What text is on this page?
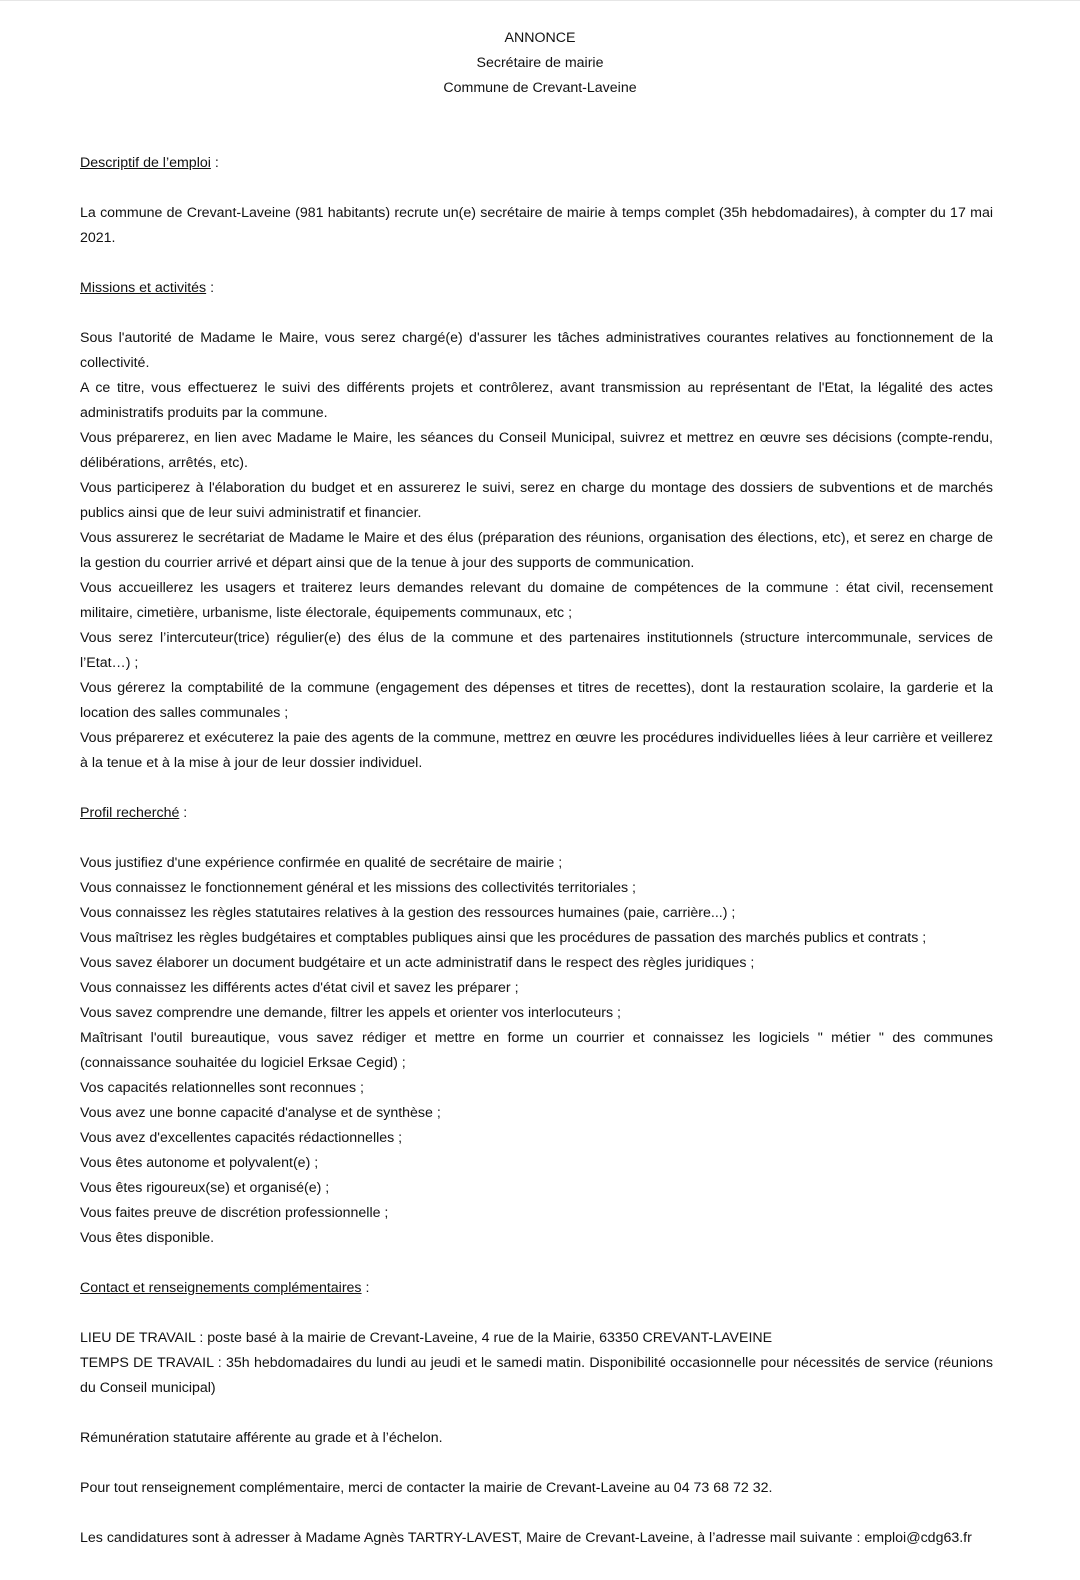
ANNONCE
Secrétaire de mairie
Commune de Crevant-Laveine

Descriptif de l’emploi :

La commune de Crevant-Laveine (981 habitants) recrute un(e) secrétaire de mairie à temps complet (35h hebdomadaires), à compter du 17 mai 2021.

Missions et activités :

Sous l'autorité de Madame le Maire, vous serez chargé(e) d'assurer les tâches administratives courantes relatives au fonctionnement de la collectivité.

A ce titre, vous effectuerez le suivi des différents projets et contrôlerez, avant transmission au représentant de l'Etat, la légalité des actes administratifs produits par la commune.

Vous préparerez, en lien avec Madame le Maire, les séances du Conseil Municipal, suivrez et mettrez en œuvre ses décisions (compte-rendu, délibérations, arrêtés, etc).

Vous participerez à l'élaboration du budget et en assurerez le suivi, serez en charge du montage des dossiers de subventions et de marchés publics ainsi que de leur suivi administratif et financier.

Vous assurerez le secrétariat de Madame le Maire et des élus (préparation des réunions, organisation des élections, etc), et serez en charge de la gestion du courrier arrivé et départ ainsi que de la tenue à jour des supports de communication.

Vous accueillerez les usagers et traiterez leurs demandes relevant du domaine de compétences de la commune : état civil, recensement militaire, cimetière, urbanisme, liste électorale, équipements communaux, etc ;

Vous serez l’intercuteur(trice) régulier(e) des élus de la commune et des partenaires institutionnels (structure intercommunale, services de l’Etat…) ;

Vous gérerez la comptabilité de la commune (engagement des dépenses et titres de recettes), dont la restauration scolaire, la garderie et la location des salles communales ;

Vous préparerez et exécuterez la paie des agents de la commune, mettrez en œuvre les procédures individuelles liées à leur carrière et veillerez à la tenue et à la mise à jour de leur dossier individuel.

Profil recherché :

Vous justifiez d'une expérience confirmée en qualité de secrétaire de mairie ;

Vous connaissez le fonctionnement général et les missions des collectivités territoriales ;

Vous connaissez les règles statutaires relatives à la gestion des ressources humaines (paie, carrière...) ;

Vous maîtrisez les règles budgétaires et comptables publiques ainsi que les procédures de passation des marchés publics et contrats ;

Vous savez élaborer un document budgétaire et un acte administratif dans le respect des règles juridiques ;

Vous connaissez les différents actes d'état civil et savez les préparer ;

Vous savez comprendre une demande, filtrer les appels et orienter vos interlocuteurs ;

Maîtrisant l'outil bureautique, vous savez rédiger et mettre en forme un courrier et connaissez les logiciels " métier " des communes (connaissance souhaitée du logiciel Erksae Cegid) ;

Vos capacités relationnelles sont reconnues ;

Vous avez une bonne capacité d'analyse et de synthèse ;

Vous avez d'excellentes capacités rédactionnelles ;

Vous êtes autonome et polyvalent(e) ;

Vous êtes rigoureux(se) et organisé(e) ;

Vous faites preuve de discrétion professionnelle ;

Vous êtes disponible.

Contact et renseignements complémentaires :

LIEU DE TRAVAIL : poste basé à la mairie de Crevant-Laveine, 4 rue de la Mairie, 63350 CREVANT-LAVEINE

TEMPS DE TRAVAIL : 35h hebdomadaires du lundi au jeudi et le samedi matin. Disponibilité occasionnelle pour nécessités de service (réunions du Conseil municipal)

Rémunération statutaire afférente au grade et à l’échelon.

Pour tout renseignement complémentaire, merci de contacter la mairie de Crevant-Laveine au 04 73 68 72 32.

Les candidatures sont à adresser à Madame Agnès TARTRY-LAVEST, Maire de Crevant-Laveine, à l’adresse mail suivante : emploi@cdg63.fr
